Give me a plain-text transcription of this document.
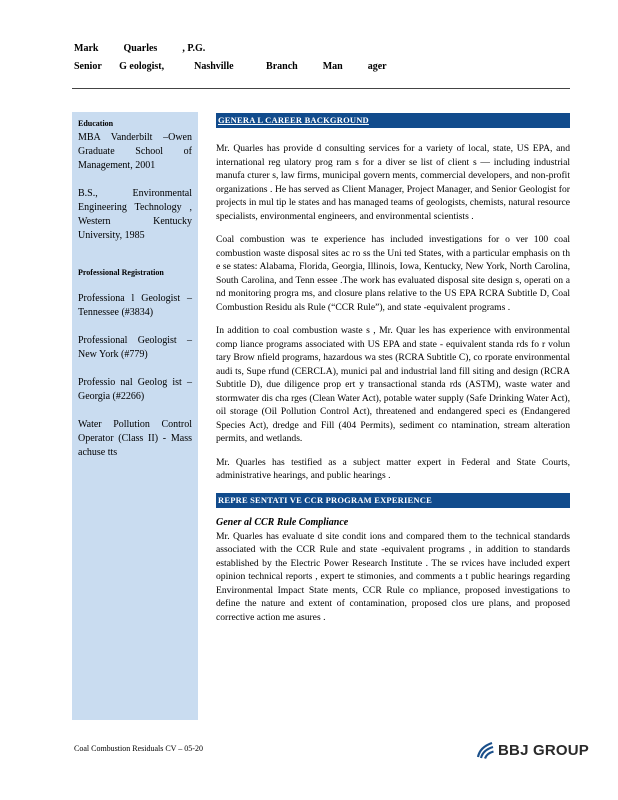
Mark          Quarles          , P.G.
Senior       G eologist,            Nashville             Branch          Man          ager
Education
MBA Vanderbilt –Owen Graduate School of Management, 2001
B.S., Environmental Engineering Technology , Western Kentucky University, 1985
Professional Registration
Professiona l Geologist – Tennessee (#3834)
Professional Geologist – New York (#779)
Professio nal Geolog ist – Georgia (#2266)
Water Pollution Control Operator (Class II) - Mass achuse tts
GENERA L CAREER BACKGROUND

Mr. Quarles has provide d consulting services for a variety of local, state, US EPA, and international reg ulatory prog ram s for a diver se list of client s — including industrial manufa cturer s, law firms, municipal govern ments, commercial developers, and non-profit organizations . He has served as Client Manager, Project Manager, and Senior Geologist for projects in mul tip le states and has managed teams of geologists, chemists, natural resource specialists, environmental engineers, and environmental scientists .

Coal combustion was te experience has included investigations for o ver 100 coal combustion waste disposal sites ac ro ss the Uni ted States, with a particular emphasis on th e se states: Alabama, Florida, Georgia, Illinois, Iowa, Kentucky, New York, North Carolina, South Carolina, and Tenn essee .The work has evaluated disposal site design s, operati on a nd monitoring progra ms, and closure plans relative to the US EPA RCRA Subtitle D, Coal Combustion Residu als Rule (“CCR Rule”), and state -equivalent programs .

In addition to coal combustion waste s , Mr. Quar les has experience with environmental comp liance programs associated with US EPA and state - equivalent standa rds fo r volun tary Brow nfield programs, hazardous wa stes (RCRA Subtitle C), co rporate environmental audi ts, Supe rfund (CERCLA), munici pal and industrial land fill siting and design (RCRA Subtitle D), due diligence prop ert y transactional standa rds (ASTM), waste water and stormwater dis cha rges (Clean Water Act), potable water supply (Safe Drinking Water Act), oil storage (Oil Pollution Control Act), threatened and endangered speci es (Endangered Species Act), dredge and Fill (404 Permits), sediment co ntamination, stream alteration permits, and wetlands.

Mr. Quarles has testified as a subject matter expert in Federal and State Courts, administrative hearings, and public hearings .

REPRE SENTATI VE CCR PROGRAM EXPERIENCE
Gener al CCR Rule Compliance

Mr. Quarles has evaluate d site condit ions and compared them to the technical standards associated with the CCR Rule and state -equivalent programs , in addition to standards established by the Electric Power Research Institute . The se rvices have included expert opinion technical reports , expert te stimonies, and comments a t public hearings regarding Environmental Impact State ments, CCR Rule co mpliance, proposed investigations to define the nature and extent of contamination, proposed clos ure plans, and proposed corrective action me asures .

Coal Combustion Residuals CV – 05-20	BBJ GROUP
